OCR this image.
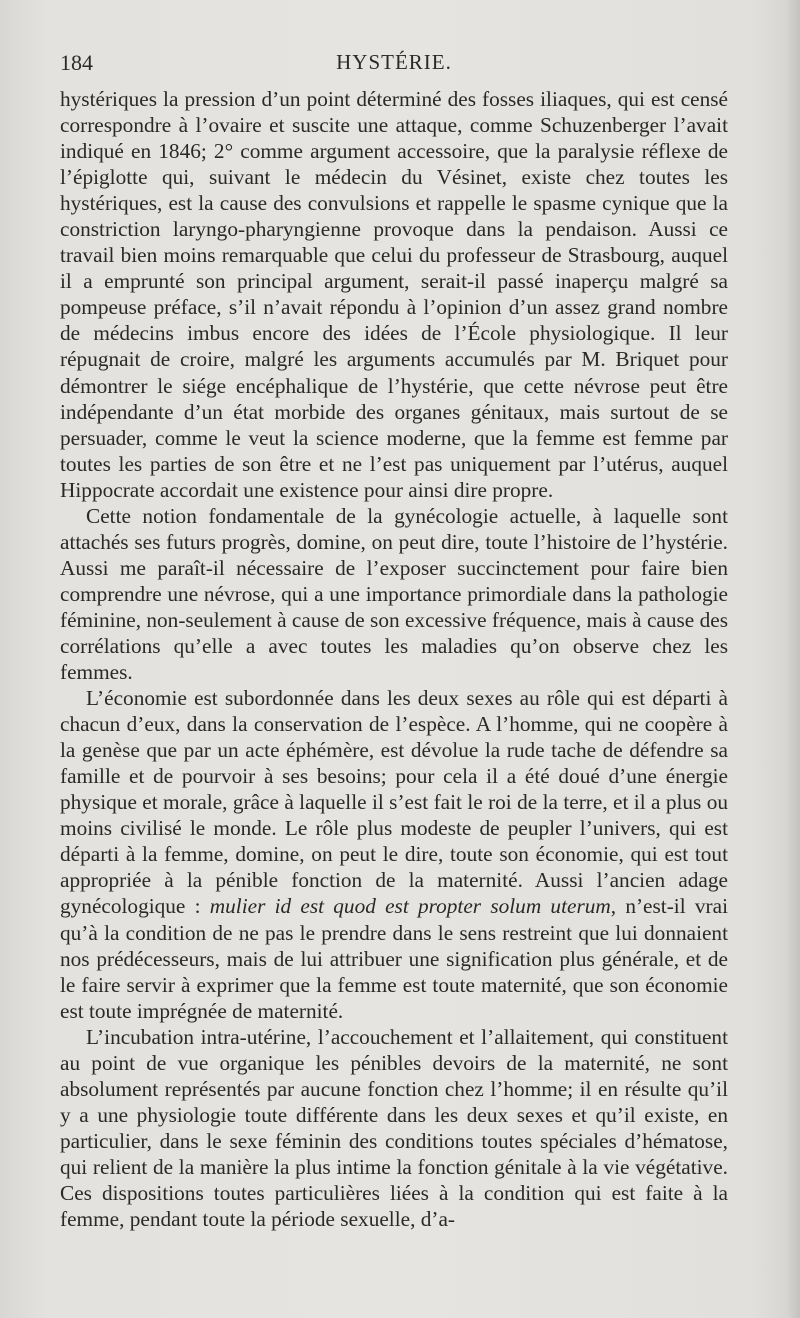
184	HYSTÉRIE.

hystériques la pression d’un point déterminé des fosses iliaques, qui est censé correspondre à l’ovaire et suscite une attaque, comme Schuzenberger l’avait indiqué en 1846; 2° comme argument accessoire, que la paralysie réflexe de l’épiglotte qui, suivant le médecin du Vésinet, existe chez toutes les hystériques, est la cause des convulsions et rappelle le spasme cynique que la constriction laryngo-pharyngienne provoque dans la pendaison. Aussi ce travail bien moins remarquable que celui du professeur de Strasbourg, auquel il a emprunté son principal argument, serait-il passé inaperçu malgré sa pompeuse préface, s’il n’avait répondu à l’opinion d’un assez grand nombre de médecins imbus encore des idées de l’École physiologique. Il leur répugnait de croire, malgré les arguments accumulés par M. Briquet pour démontrer le siége encéphalique de l’hystérie, que cette névrose peut être indépendante d’un état morbide des organes génitaux, mais surtout de se persuader, comme le veut la science moderne, que la femme est femme par toutes les parties de son être et ne l’est pas uniquement par l’utérus, auquel Hippocrate accordait une existence pour ainsi dire propre.

Cette notion fondamentale de la gynécologie actuelle, à laquelle sont attachés ses futurs progrès, domine, on peut dire, toute l’histoire de l’hystérie. Aussi me paraît-il nécessaire de l’exposer succinctement pour faire bien comprendre une névrose, qui a une importance primordiale dans la pathologie féminine, non-seulement à cause de son excessive fréquence, mais à cause des corrélations qu’elle a avec toutes les maladies qu’on observe chez les femmes.

L’économie est subordonnée dans les deux sexes au rôle qui est départi à chacun d’eux, dans la conservation de l’espèce. A l’homme, qui ne coopère à la genèse que par un acte éphémère, est dévolue la rude tache de défendre sa famille et de pourvoir à ses besoins; pour cela il a été doué d’une énergie physique et morale, grâce à laquelle il s’est fait le roi de la terre, et il a plus ou moins civilisé le monde. Le rôle plus modeste de peupler l’univers, qui est départi à la femme, domine, on peut le dire, toute son économie, qui est tout appropriée à la pénible fonction de la maternité. Aussi l’ancien adage gynécologique : mulier id est quod est propter solum uterum, n’est-il vrai qu’à la condition de ne pas le prendre dans le sens restreint que lui donnaient nos prédécesseurs, mais de lui attribuer une signification plus générale, et de le faire servir à exprimer que la femme est toute maternité, que son économie est toute imprégnée de maternité.

L’incubation intra-utérine, l’accouchement et l’allaitement, qui constituent au point de vue organique les pénibles devoirs de la maternité, ne sont absolument représentés par aucune fonction chez l’homme; il en résulte qu’il y a une physiologie toute différente dans les deux sexes et qu’il existe, en particulier, dans le sexe féminin des conditions toutes spéciales d’hématose, qui relient de la manière la plus intime la fonction génitale à la vie végétative. Ces dispositions toutes particulières liées à la condition qui est faite à la femme, pendant toute la période sexuelle, d’a-
